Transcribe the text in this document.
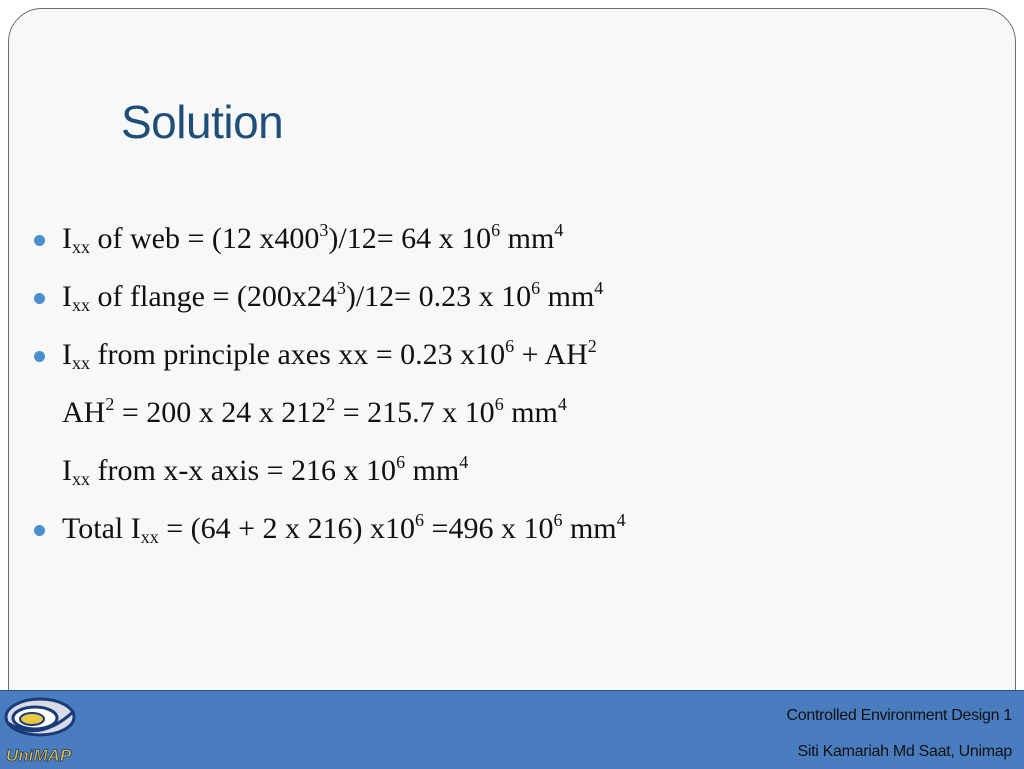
Solution
$I_{xx}$ of web = (12 $x400^3)/12= 64$ x $10^6$ $mm^4$
$I_{xx}$ of flange = $(200x24^3)/12= 0.23$ x $10^6$ $mm^4$
$I_{xx}$ from principle axes xx = 0.23 $x10^6 + AH^2$
$AH^2 = 200$ x 24 x $212^2 = 215.7$ x $10^6$ $mm^4$
$I_{xx}$ from x-x axis = 216 x $10^6$ $mm^4$
Total $I_{xx} = (64 + 2$ x 216) $x10^6 =496$ x $10^6$ $mm^4$
UniMAP
Controlled Environment Design 1
Siti Kamariah Md Saat, Unimap
